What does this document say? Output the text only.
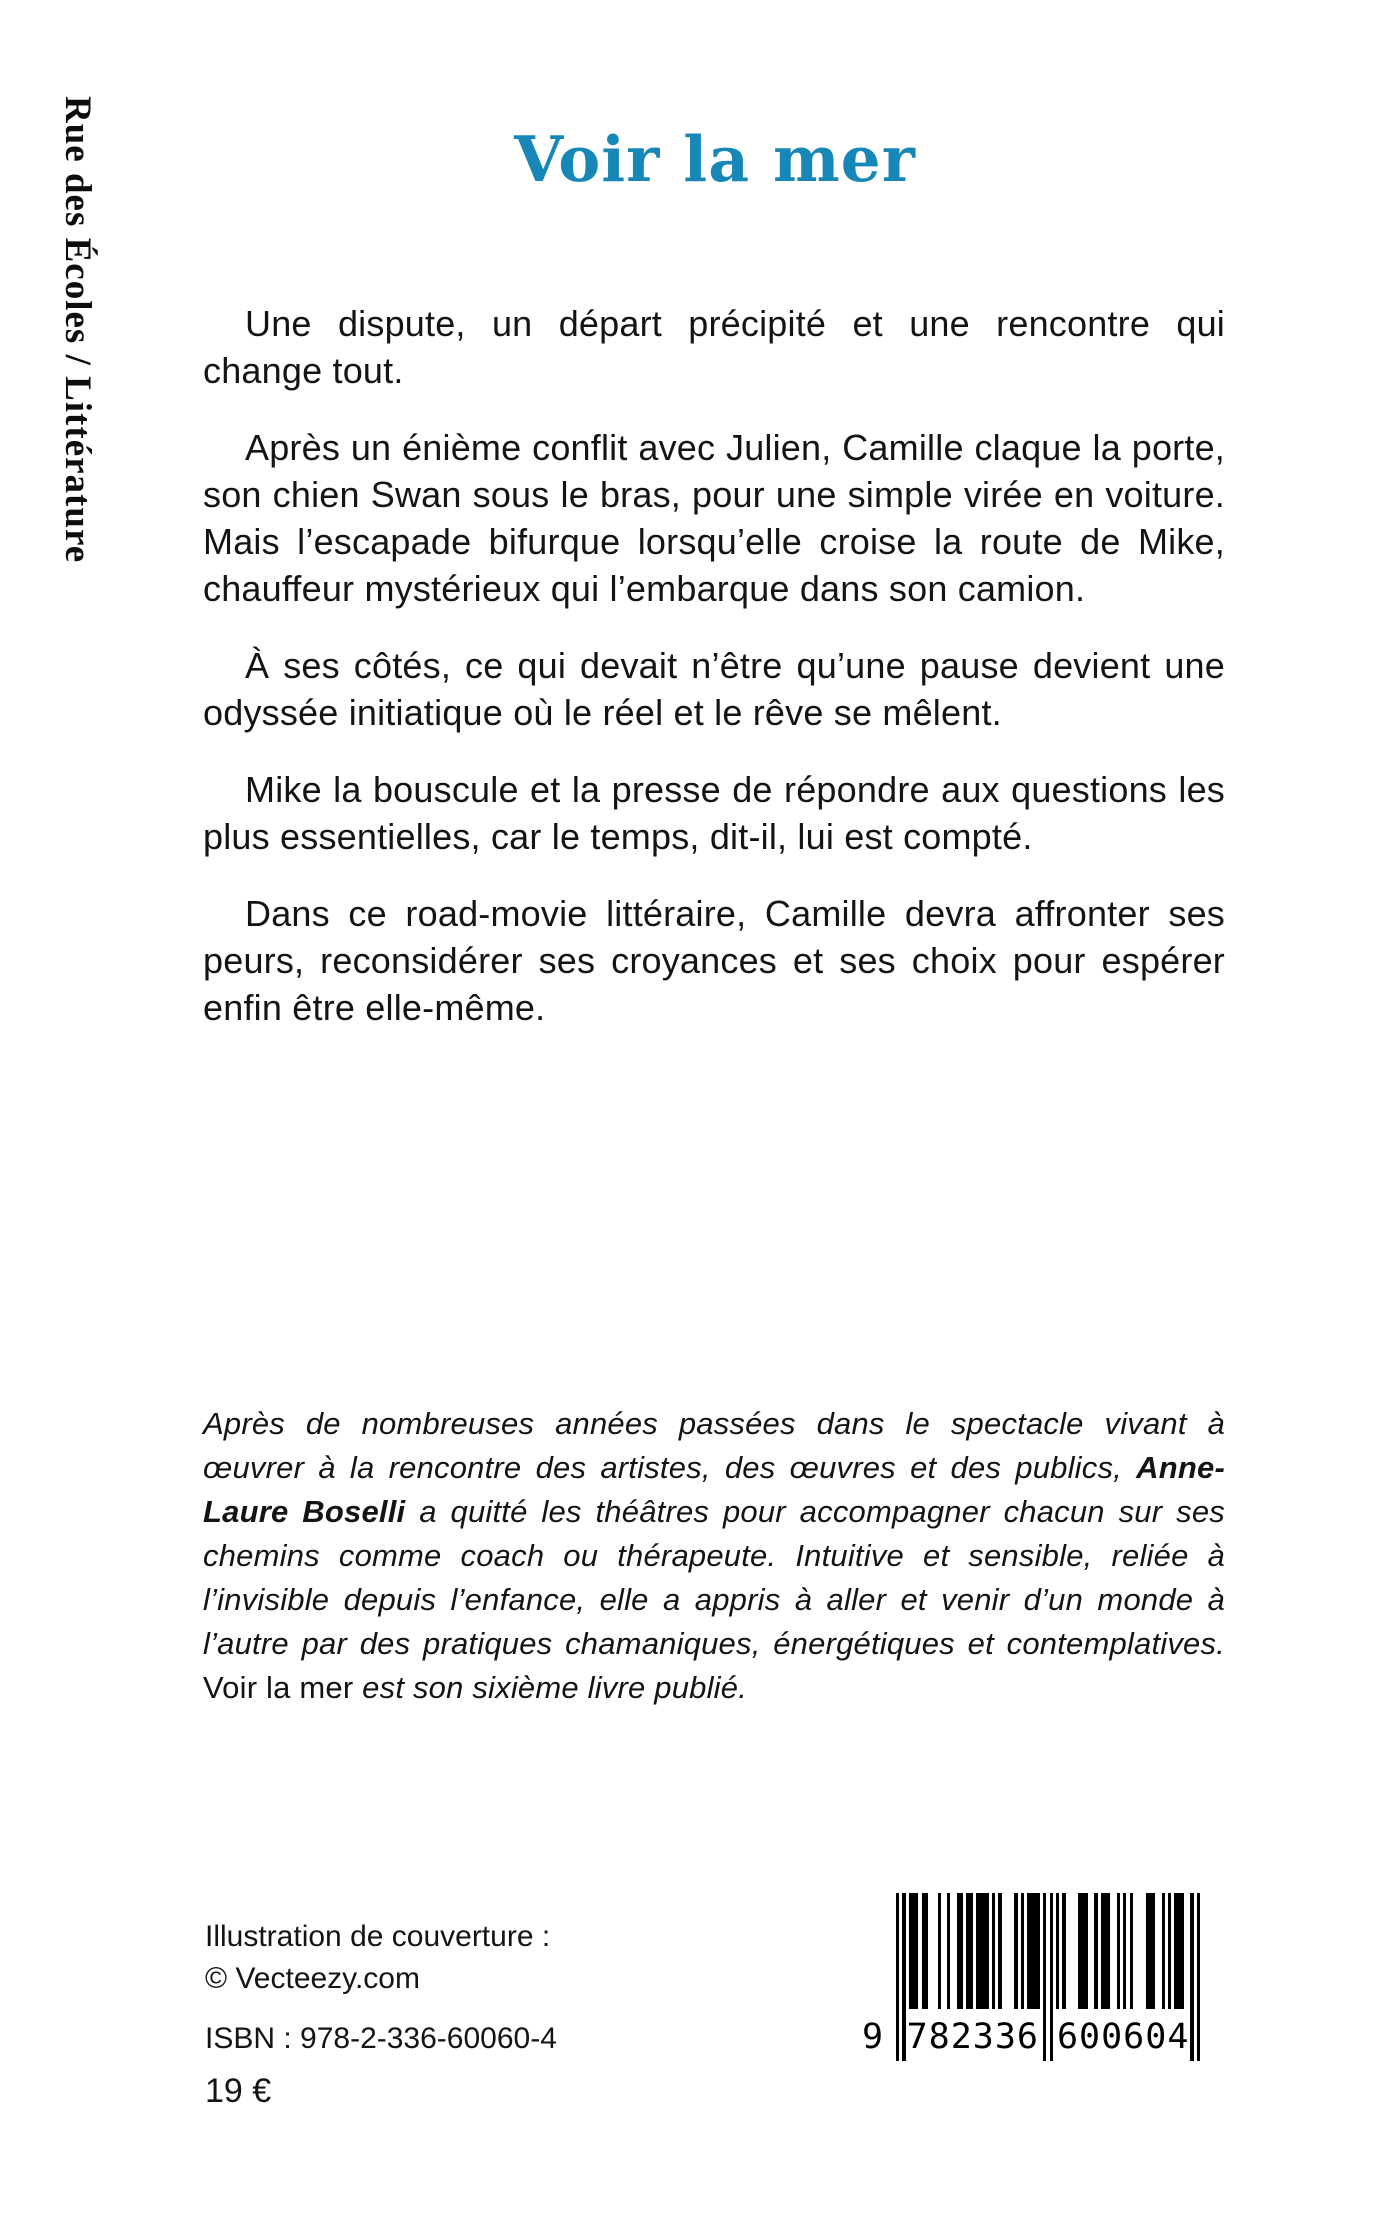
Rue des Écoles / Littérature	Voir la mer

Une dispute, un départ précipité et une rencontre qui change tout.

Après un énième conflit avec Julien, Camille claque la porte, son chien Swan sous le bras, pour une simple virée en voiture. Mais l’escapade bifurque lorsqu’elle croise la route de Mike, chauffeur mystérieux qui l’embarque dans son camion.

À ses côtés, ce qui devait n’être qu’une pause devient une odyssée initiatique où le réel et le rêve se mêlent.

Mike la bouscule et la presse de répondre aux questions les plus essentielles, car le temps, dit-il, lui est compté.

Dans ce road-movie littéraire, Camille devra affronter ses peurs, reconsidérer ses croyances et ses choix pour espérer enfin être elle-même.

Après de nombreuses années passées dans le spectacle vivant à œuvrer à la rencontre des artistes, des œuvres et des publics, Anne-Laure Boselli a quitté les théâtres pour accompagner chacun sur ses chemins comme coach ou thérapeute. Intuitive et sensible, reliée à l’invisible depuis l’enfance, elle a appris à aller et venir d’un monde à l’autre par des pratiques chamaniques, énergétiques et contemplatives. Voir la mer est son sixième livre publié.
Illustration de couverture :
© Vecteezy.com
ISBN : 978-2-336-60060-4
19 €
9 782336 600604
